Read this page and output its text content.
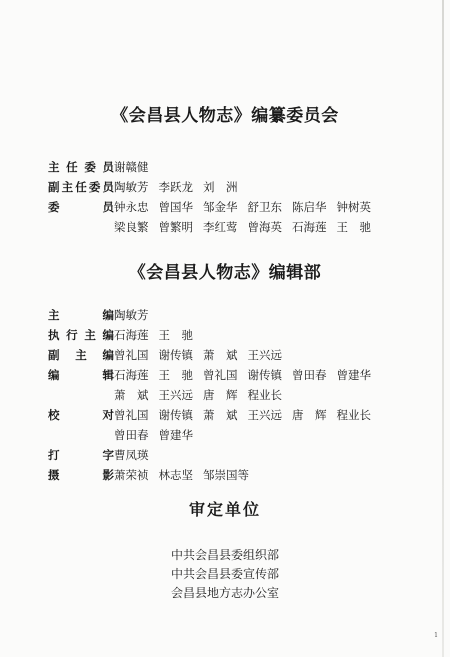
《会昌县人物志》编纂委员会
主 任 委 员 谢赣健
副 主 任 委 员 陶敏芳 李跃龙 刘　洲
委	员 钟永忠 曾国华 邹金华 舒卫东 陈启华 钟树英
梁良繁 曾繁明 李红莺 曾海英 石海莲 王　驰
《会昌县人物志》编辑部
主	编 陶敏芳
执 行 主 编 石海莲 王　驰
副 主 编 曾礼国 谢传镇 萧　斌 王兴远
编	辑 石海莲 王　驰 曾礼国 谢传镇 曾田春 曾建华
萧　斌 王兴远 唐　辉 程业长
校	对 曾礼国 谢传镇 萧　斌 王兴远 唐　辉 程业长
曾田春 曾建华
打	字 曹凤瑛
摄	影 萧荣祯 林志坚 邹崇国等
审定单位
中共会昌县委组织部
中共会昌县委宣传部
会昌县地方志办公室
1
